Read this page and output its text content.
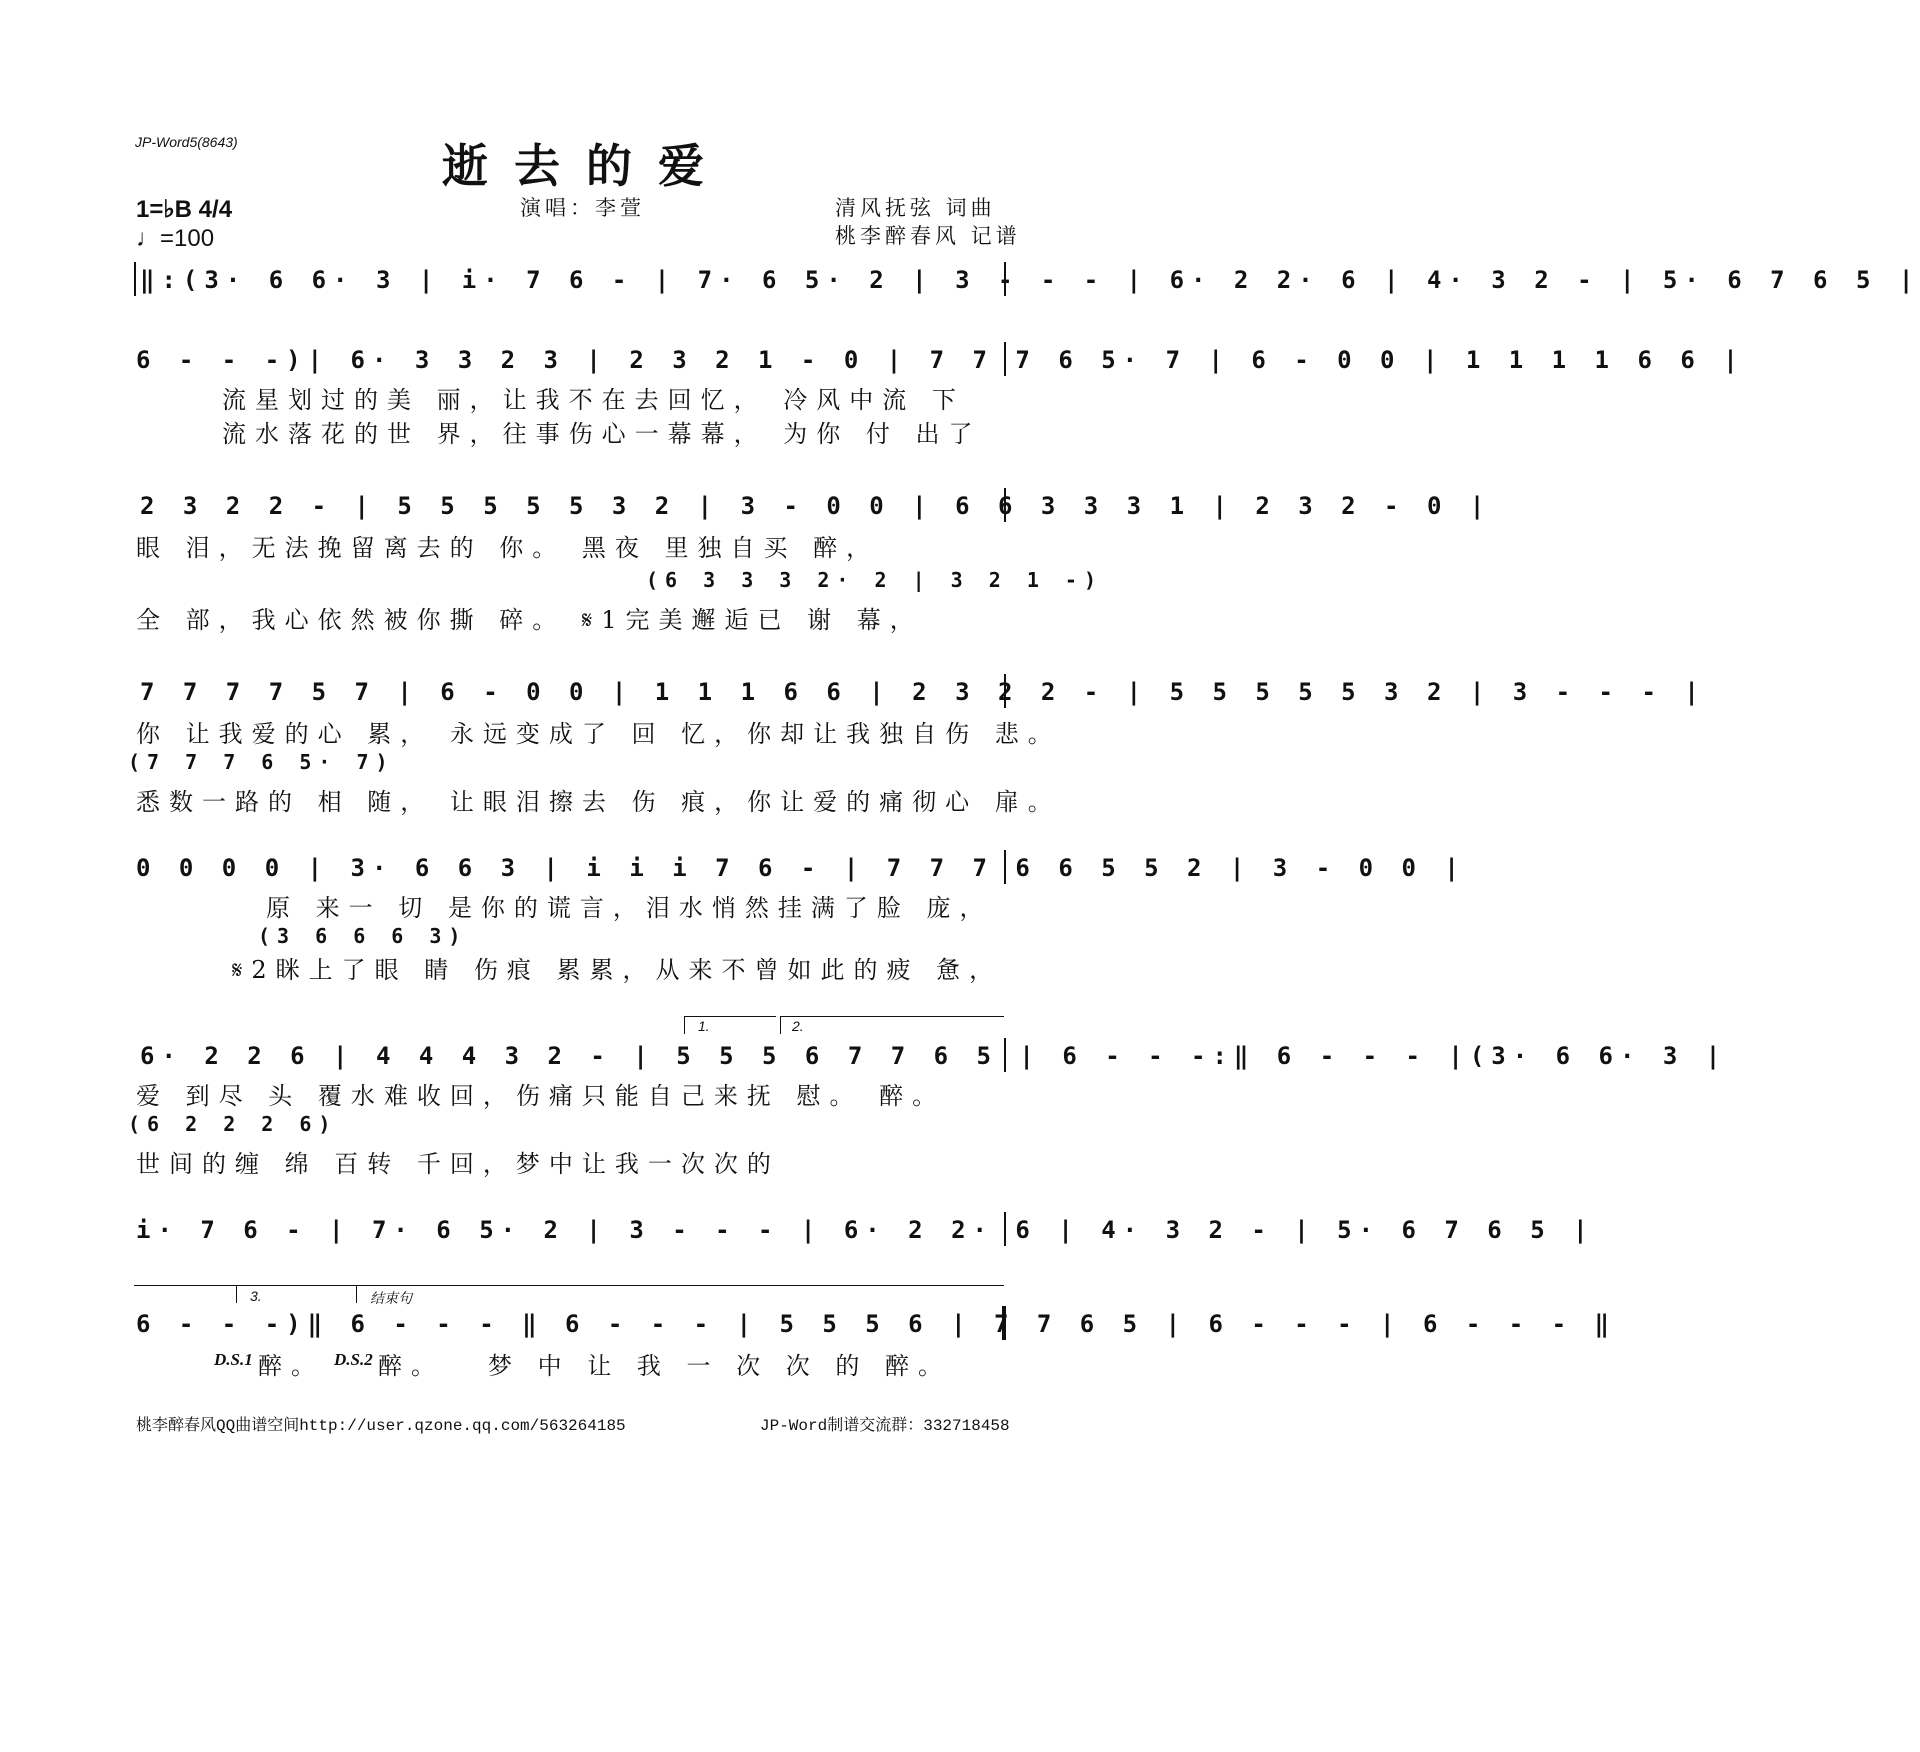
JP-Word5(8643)	逝去的爱
1=♭B 4/4
♩=100
演唱：李萱	清风抚弦 词曲
桃李醉春风 记谱
‖:(3· 6 6· 3 | i· 7 6 - | 7· 6 5· 2 | 3 - - - | 6· 2 2· 6 | 4· 3 2 - | 5· 6 7 6 5 |
6 - - -)| 6· 3 3 2 3 | 2 3 2 1 - 0 | 7 7 7 6 5· 7 | 6 - 0 0 | 1 1 1 1 6 6 |
流星划过的美 丽，让我不在去回忆， 冷风中流 下
流水落花的世 界，往事伤心一幕幕， 为你 付 出了
2 3 2 2 - | 5 5 5 5 5 3 2 | 3 - 0 0 | 6 6 3 3 3 1 | 2 3 2 - 0 |
眼 泪，无法挽留离去的 你。 黑夜 里独自买 醉，
(6 3 3 3 2· 2 | 3 2 1 -)
全 部，我心依然被你撕 碎。 𝄋1完美邂逅已 谢 幕，
7 7 7 7 5 7 | 6 - 0 0 | 1 1 1 6 6 | 2 3 2 2 - | 5 5 5 5 5 3 2 | 3 - - - |
你 让我爱的心 累， 永远变成了 回 忆，你却让我独自伤 悲。
(7 7 7 6 5· 7)
悉数一路的 相 随， 让眼泪擦去 伤 痕，你让爱的痛彻心 扉。
0 0 0 0 | 3· 6 6 3 | i i i 7 6 - | 7 7 7 6 6 5 5 2 | 3 - 0 0 |
原 来一 切 是你的谎言，泪水悄然挂满了脸 庞，
(3 6 6 6 3)
𝄋2眯上了眼 睛 伤痕 累累，从来不曾如此的疲 惫，
1.	2.
6· 2 2 6 | 4 4 4 3 2 - | 5 5 5 6 7 7 6 5 | 6 - - -:‖ 6 - - - |(3· 6 6· 3 |
爱 到尽 头 覆水难收回，伤痛只能自己来抚 慰。 醉。
(6 2 2 2 6)
世间的缠 绵 百转 千回，梦中让我一次次的
i· 7 6 - | 7· 6 5· 2 | 3 - - - | 6· 2 2· 6 | 4· 3 2 - | 5· 6 7 6 5 |
3.	结束句
6 - - -)‖ 6 - - - ‖ 6 - - - | 5 5 5 6 | 7 7 6 5 | 6 - - - | 6 - - - ‖
D.S.1 醉。 D.S.2 醉。 梦 中 让 我 一 次 次 的 醉。
桃李醉春风QQ曲谱空间http://user.qzone.qq.com/563264185	JP-Word制谱交流群：332718458
